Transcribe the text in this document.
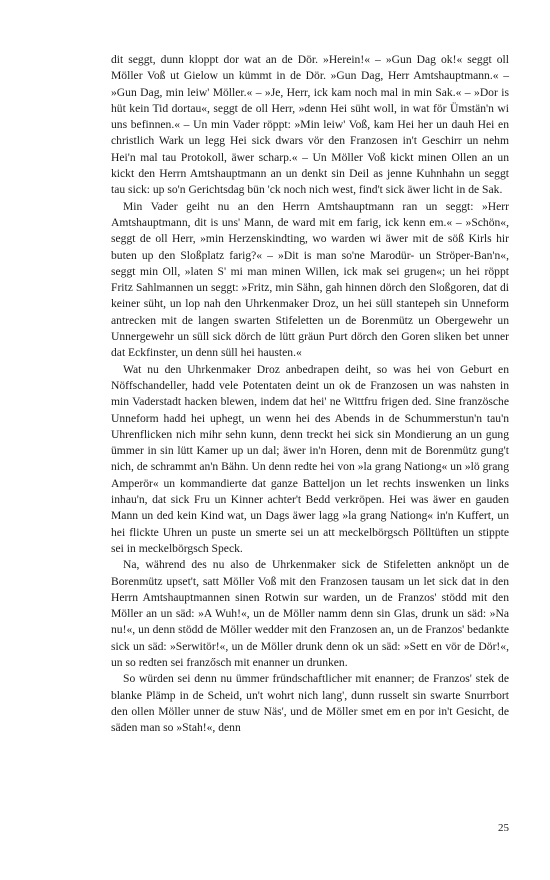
dit seggt, dunn kloppt dor wat an de Dör. »Herein!« – »Gun Dag ok!« seggt oll Möller Voß ut Gielow un kümmt in de Dör. »Gun Dag, Herr Amtshauptmann.« – »Gun Dag, min leiw' Möller.« – »Je, Herr, ick kam noch mal in min Sak.« – »Dor is hüt kein Tid dortau«, seggt de oll Herr, »denn Hei süht woll, in wat för Ümstän'n wi uns befinnen.« – Un min Vader röppt: »Min leiw' Voß, kam Hei her un dauh Hei en christlich Wark un legg Hei sick dwars vör den Franzosen in't Geschirr un nehm Hei'n mal tau Protokoll, äwer scharp.« – Un Möller Voß kickt minen Ollen an un kickt den Herrn Amtshauptmann an un denkt sin Deil as jenne Kuhnhahn un seggt tau sick: up so'n Gerichtsdag bün 'ck noch nich west, find't sick äwer licht in de Sak.

Min Vader geiht nu an den Herrn Amtshauptmann ran un seggt: »Herr Amtshauptmann, dit is uns' Mann, de ward mit em farig, ick kenn em.« – »Schön«, seggt de oll Herr, »min Herzenskindting, wo warden wi äwer mit de söß Kirls hir buten up den Sloßplatz farig?« – »Dit is man so'ne Marodür- un Ströper-Ban'n«, seggt min Oll, »laten S' mi man minen Willen, ick mak sei grugen«; un hei röppt Fritz Sahlmannen un seggt: »Fritz, min Sähn, gah hinnen dörch den Sloßgoren, dat di keiner süht, un lop nah den Uhrkenmaker Droz, un hei süll stantepeh sin Unneform antrecken mit de langen swarten Stifeletten un de Borenmütz un Obergewehr un Unnergewehr un süll sick dörch de lütt gräun Purt dörch den Goren sliken bet unner dat Eckfinster, un denn süll hei hausten.«

Wat nu den Uhrkenmaker Droz anbedrapen deiht, so was hei von Geburt en Nöffschandeller, hadd vele Potentaten deint un ok de Franzosen un was nahsten in min Vaderstadt hacken blewen, indem dat hei' ne Wittfru frigen ded. Sine französche Unneform hadd hei uphegt, un wenn hei des Abends in de Schummerstun'n tau'n Uhrenflicken nich mihr sehn kunn, denn treckt hei sick sin Mondierung an un gung ümmer in sin lütt Kamer up un dal; äwer in'n Horen, denn mit de Borenmütz gung't nich, de schrammt an'n Bähn. Un denn redte hei von »la grang Nationg« un »lö grang Amperör« un kommandierte dat ganze Batteljon un let rechts inswenken un links inhau'n, dat sick Fru un Kinner achter't Bedd verkröpen. Hei was äwer en gauden Mann un ded kein Kind wat, un Dags äwer lagg »la grang Nationg« in'n Kuffert, un hei flickte Uhren un puste un smerte sei un att meckelbörgsch Pölltüften un stippte sei in meckelbörgsch Speck.

Na, während des nu also de Uhrkenmaker sick de Stifeletten anknöpt un de Borenmütz upset't, satt Möller Voß mit den Franzosen tausam un let sick dat in den Herrn Amtshauptmannen sinen Rotwin sur warden, un de Franzos' stödd mit den Möller an un säd: »A Wuh!«, un de Möller namm denn sin Glas, drunk un säd: »Na nu!«, un denn stödd de Möller wedder mit den Franzosen an, un de Franzos' bedankte sick un säd: »Serwitör!«, un de Möller drunk denn ok un säd: »Sett en vör de Dör!«, un so redten sei franzősch mit enanner un drunken.

So würden sei denn nu ümmer fründschaftlicher mit enanner; de Franzos' stek de blanke Plämp in de Scheid, un't wohrt nich lang', dunn russelt sin swarte Snurrbort den ollen Möller unner de stuw Näs', und de Möller smet em en por in't Gesicht, de säden man so »Stah!«, denn

25
